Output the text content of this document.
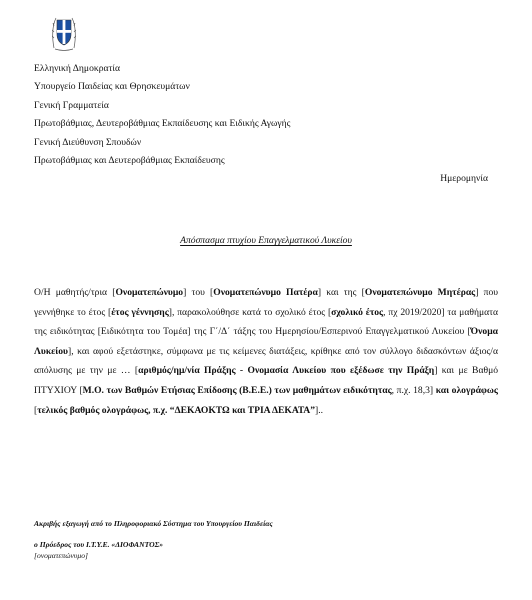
Ελληνική Δημοκρατία
Υπουργείο Παιδείας και Θρησκευμάτων
Γενική Γραμματεία
Πρωτοβάθμιας, Δευτεροβάθμιας Εκπαίδευσης και Ειδικής Αγωγής
Γενική Διεύθυνση Σπουδών
Πρωτοβάθμιας και Δευτεροβάθμιας Εκπαίδευσης
Ημερομηνία
Απόσπασμα πτυχίου Επαγγελματικού Λυκείου
Ο/Η μαθητής/τρια [Ονοματεπώνυμο] του [Ονοματεπώνυμο Πατέρα] και της [Ονοματεπώνυμο Μητέρας] που γεννήθηκε το έτος [έτος γέννησης], παρακολούθησε κατά το σχολικό έτος [σχολικό έτος, πχ 2019/2020] τα μαθήματα της ειδικότητας [Ειδικότητα του Τομέα] της Γ΄/Δ΄ τάξης του Ημερησίου/Εσπερινού Επαγγελματικού Λυκείου [Όνομα Λυκείου], και αφού εξετάστηκε, σύμφωνα με τις κείμενες διατάξεις, κρίθηκε από τον σύλλογο διδασκόντων άξιος/α απόλυσης με την με … [αριθμός/ημ/νία Πράξης - Ονομασία Λυκείου που εξέδωσε την Πράξη] και με Βαθμό ΠΤΥΧΙΟΥ [Μ.Ο. των Βαθμών Ετήσιας Επίδοσης (Β.Ε.Ε.) των μαθημάτων ειδικότητας, π.χ. 18,3] και ολογράφως [τελικός βαθμός ολογράφως, π.χ. “ΔΕΚΑΟΚΤΩ και ΤΡΙΑ ΔΕΚΑΤΑ”]..
Ακριβής εξαγωγή από το Πληροφοριακό Σύστημα του Υπουργείου Παιδείας
ο Πρόεδρος του Ι.Τ.Υ.Ε. «ΔΙΟΦΑΝΤΟΣ»
[ονοματεπώνυμο]
